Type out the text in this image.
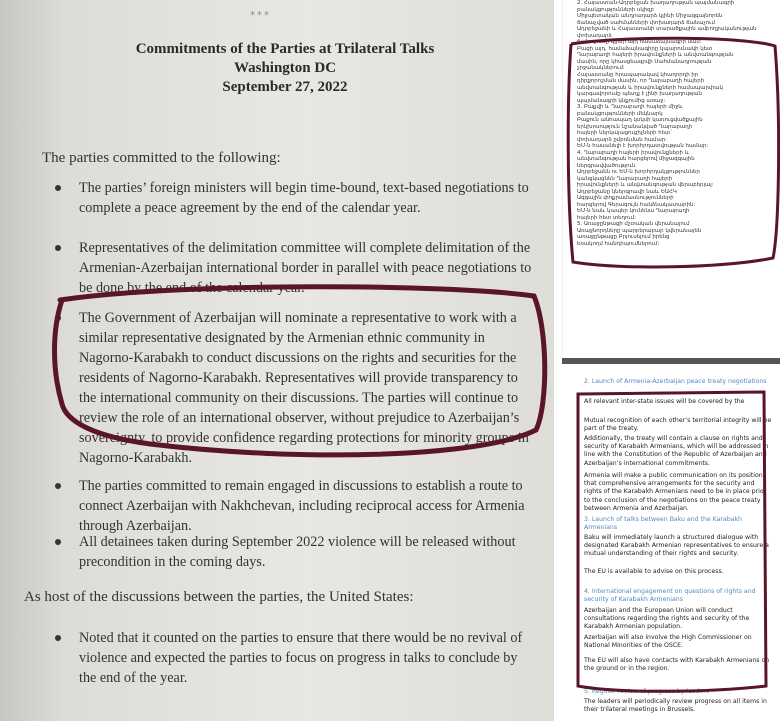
***
Commitments of the Parties at Trilateral Talks
Washington DC
September 27, 2022
The parties committed to the following:
The parties’ foreign ministers will begin time-bound, text-based negotiations to complete a peace agreement by the end of the calendar year.
Representatives of the delimitation committee will complete delimitation of the Armenian-Azerbaijan international border in parallel with peace negotiations to be done by the end of the calendar year.
The Government of Azerbaijan will nominate a representative to work with a similar representative designated by the Armenian ethnic community in Nagorno-Karabakh to conduct discussions on the rights and securities for the residents of Nagorno-Karabakh. Representatives will provide transparency to the international community on their discussions. The parties will continue to review the role of an international observer, without prejudice to Azerbaijan’s sovereignty, to provide confidence regarding protections for minority groups in Nagorno-Karabakh.
The parties committed to remain engaged in discussions to establish a route to connect Azerbaijan with Nakhchevan, including reciprocal access for Armenia through Azerbaijan.
All detainees taken during September 2022 violence will be released without precondition in the coming days.
As host of the discussions between the parties, the United States:
Noted that it counted on the parties to ensure that there would be no revival of violence and expected the parties to focus on progress in talks to conclude by the end of the year.

2. Հայաստան-Ադրբեջան խաղաղության պայմանագրի

բանակցությունների սկիզբ

Միջպետական անդրադարձ կլինի Միջազգայնորեն

ճանաչված սահմանների փոխադարձ ճանաչում

Ադրբեջանի և Հայաստանի տարածքային ամբողջականության փոխադարձ

ճանաչումը կլինի այդ համաձայնագրի մաս:

Բացի այդ, համաձայնագիրը կպարունակի կետ

Ղարաբաղի հայերի իրավունքների և անվտանգության

մասին, որը կհասցեագրվի Սահմանադրության

շրջանակներում:

Հայաստանը հրապարակավ կհաղորդի իր

դիրքորոշման մասին, որ Ղարաբաղի հայերի

անվտանգության և իրավունքների համապարփակ

կարգավորումը պետք է լինի խաղաղության

պայմանագրի կնքումից առաջ:

3. Բաքվի և Ղարաբաղի հայերի միջև

բանակցությունների մեկնարկ

Բաքուն անհապաղ կսկսի կառուցվածքային

երկխոսություն նշանակված Ղարաբաղի

հայերի ներկայացուցիչների հետ՝

փոխադարձ ըմբռնման համար:

ԵՄ-ն հասանելի է խորհրդատվության համար:

4. Ղարաբաղի հայերի իրավունքների և

անվտանգության հարցերով միջազգային

ներգրավվածություն

Ադրբեջանն ու ԵՄ-ն խորհրդակցություններ

կանցկացնեն Ղարաբաղի հայերի

իրավունքների և անվտանգության վերաբերյալ:

Ադրբեջանը կներգրավի նաև ԵԱՀԿ

Ազգային փոքրամասնությունների

հարցերով Գերագույն հանձնակատարին:

ԵՄ-ն նաև կապեր կունենա Ղարաբաղի

հայերի հետ տեղում:

5. Առաջընթացի մշտական վերանայում

Առաջնորդները պարբերաբար կվերանայեն

առաջընթացը Բրյուսելում իրենց

եռակողմ հանդիպումներում:

2. Launch of Armenia-Azerbaijan peace treaty negotiations
All relevant inter-state issues will be covered by the
Mutual recognition of each other’s territorial integrity will be part of the treaty.
Additionally, the treaty will contain a clause on rights and security of Karabakh Armenians, which will be addressed in line with the Constitution of the Republic of Azerbaijan and Azerbaijan’s international commitments.
Armenia will make a public communication on its position that comprehensive arrangements for the security and rights of the Karabakh Armenians need to be in place prior to the conclusion of the negotiations on the peace treaty between Armenia and Azerbaijan.
3. Launch of talks between Baku and the Karabakh Armenians
Baku will immediately launch a structured dialogue with designated Karabakh Armenian representatives to ensure a mutual understanding of their rights and security.
The EU is available to advise on this process.
4. International engagement on questions of rights and security of Karabakh Armenians
Azerbaijan and the European Union will conduct consultations regarding the rights and security of the Karabakh Armenian population.
Azerbaijan will also involve the High Commissioner on National Minorities of the OSCE.
The EU will also have contacts with Karabakh Armenians on the ground or in the region.
5. Regular review of progress by leaders
The leaders will periodically review progress on all items in their trilateral meetings in Brussels.
